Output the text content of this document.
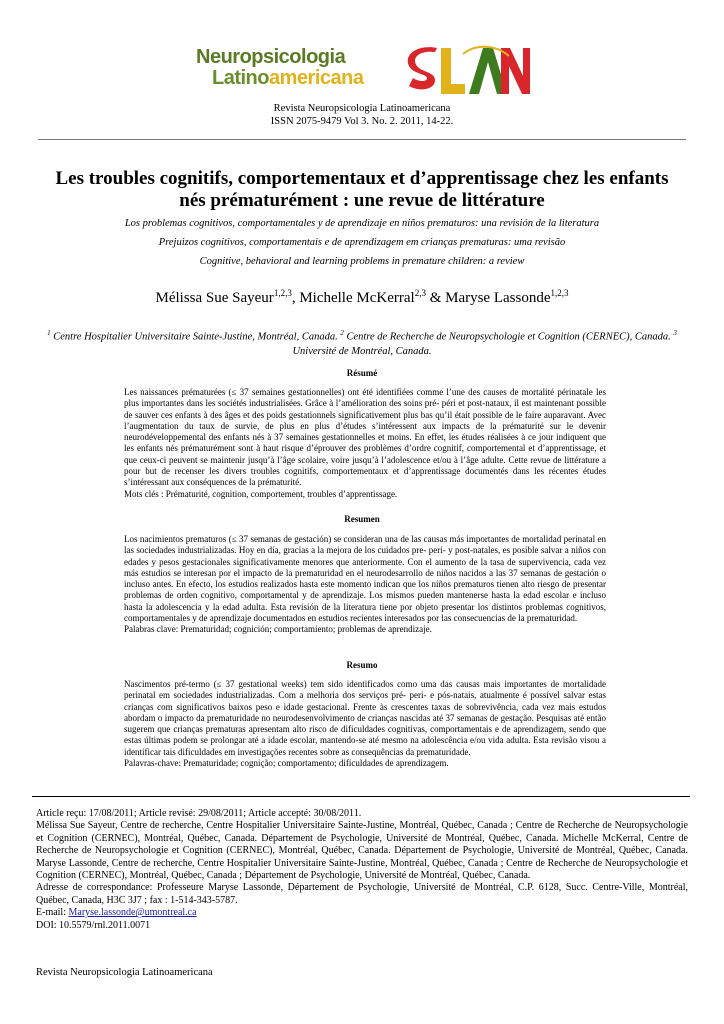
Neuropsicologia
Latinoamericana
Revista Neuropsicologia Latinoamericana
ISSN 2075-9479 Vol 3. No. 2. 2011, 14-22.
Les troubles cognitifs, comportementaux et d’apprentissage chez les enfants nés prématurément : une revue de littérature
Los problemas cognitivos, comportamentales y de aprendizaje en niños prematuros: una revisión de la literatura
Prejuizos cognitivos, comportamentais e de aprendizagem em crianças prematuras: uma revisão
Cognitive, behavioral and learning problems in premature children: a review
Mélissa Sue Sayeur$^{1,2,3}$, Michelle McKerral$^{2,3}$ & Maryse Lassonde$^{1,2,3}$
$^1$ Centre Hospitalier Universitaire Sainte-Justine, Montréal, Canada. $^2$ Centre de Recherche de Neuropsychologie et Cognition (CERNEC), Canada. $^3$ Université de Montréal, Canada.
Résumé
Les naissances prématurées (≤ 37 semaines gestationnelles) ont été identifiées comme l’une des causes de mortalité périnatale les plus importantes dans les sociétés industrialisées. Grâce à l’amélioration des soins pré- péri et post-nataux, il est maintenant possible de sauver ces enfants à des âges et des poids gestationnels significativement plus bas qu’il était possible de le faire auparavant. Avec l’augmentation du taux de survie, de plus en plus d’études s’intéressent aux impacts de la prématurité sur le devenir neurodéveloppemental des enfants nés à 37 semaines gestationnelles et moins. En effet, les études réalisées à ce jour indiquent que les enfants nés prématurément sont à haut risque d’éprouver des problèmes d’ordre cognitif, comportemental et d’apprentissage, et que ceux-ci peuvent se maintenir jusqu’à l’âge scolaire, voire jusqu’à l’adolescence et/ou à l’âge adulte. Cette revue de littérature a pour but de recenser les divers troubles cognitifs, comportementaux et d’apprentissage documentés dans les récentes études s’intéressant aux conséquences de la prématurité.
Mots clés : Prématurité, cognition, comportement, troubles d’apprentissage.
Resumen
Los nacimientos prematuros (≤ 37 semanas de gestación) se consideran una de las causas más importantes de mortalidad perinatal en las sociedades industrializadas. Hoy en día, gracias a la mejora de los cuidados pre- peri- y post-natales, es posible salvar a niños con edades y pesos gestacionales significativamente menores que anteriormente. Con el aumento de la tasa de supervivencia, cada vez más estudios se interesan por el impacto de la prematuridad en el neurodesarrollo de niños nacidos a las 37 semanas de gestación o incluso antes. En efecto, los estudios realizados hasta este momento indican que los niños prematuros tienen alto riesgo de presentar problemas de orden cognitivo, comportamental y de aprendizaje. Los mismos pueden mantenerse hasta la edad escolar e incluso hasta la adolescencia y la edad adulta. Esta revisión de la literatura tiene por objeto presentar los distintos problemas cognitivos, comportamentales y de aprendizaje documentados en estudios recientes interesados por las consecuencias de la prematuridad.
Palabras clave: Prematuridad; cognición; comportamiento; problemas de aprendizaje.
Resumo
Nascimentos pré-termo (≤ 37 gestational weeks) tem sido identificados como uma das causas mais importantes de mortalidade perinatal em sociedades industrializadas. Com a melhoria dos serviços pré- peri- e pós-natais, atualmente é possível salvar estas crianças com significativos baixos peso e idade gestacional. Frente às crescentes taxas de sobrevivência, cada vez mais estudos abordam o impacto da prematuridade no neurodesenvolvimento de crianças nascidas até 37 semanas de gestação. Pesquisas até então sugerem que crianças prematuras apresentam alto risco de dificuldades cognitivas, comportamentais e de aprendizagem, sendo que estas últimas podem se prolongar até a idade escolar, mantendo-se até mesmo na adolescência e/ou vida adulta. Esta revisão visou a identificar tais dificuldades em investigações recentes sobre as consequências da prematuridade.
Palavras-chave: Prematuridade; cognição; comportamento; dificuldades de aprendizagem.

Article reçu: 17/08/2011; Article revisé: 29/08/2011; Article accepté: 30/08/2011.

Mélissa Sue Sayeur, Centre de recherche, Centre Hospitalier Universitaire Sainte-Justine, Montréal, Québec, Canada ; Centre de Recherche de Neuropsychologie et Cognition (CERNEC), Montréal, Québec, Canada. Département de Psychologie, Université de Montréal, Québec, Canada. Michelle McKerral, Centre de Recherche de Neuropsychologie et Cognition (CERNEC), Montréal, Québec, Canada. Département de Psychologie, Université de Montréal, Québec, Canada. Maryse Lassonde, Centre de recherche, Centre Hospitalier Universitaire Sainte-Justine, Montréal, Québec, Canada ; Centre de Recherche de Neuropsychologie et Cognition (CERNEC), Montréal, Québec, Canada ; Département de Psychologie, Université de Montréal, Québec, Canada.

Adresse de correspondance: Professeure Maryse Lassonde, Département de Psychologie, Université de Montréal, C.P. 6128, Succ. Centre-Ville, Montréal, Québec, Canada, H3C 3J7 ; fax : 1-514-343-5787.

E-mail: Maryse.lassonde@umontreal.ca

DOI: 10.5579/rnl.2011.0071

Revista Neuropsicologia Latinoamericana
